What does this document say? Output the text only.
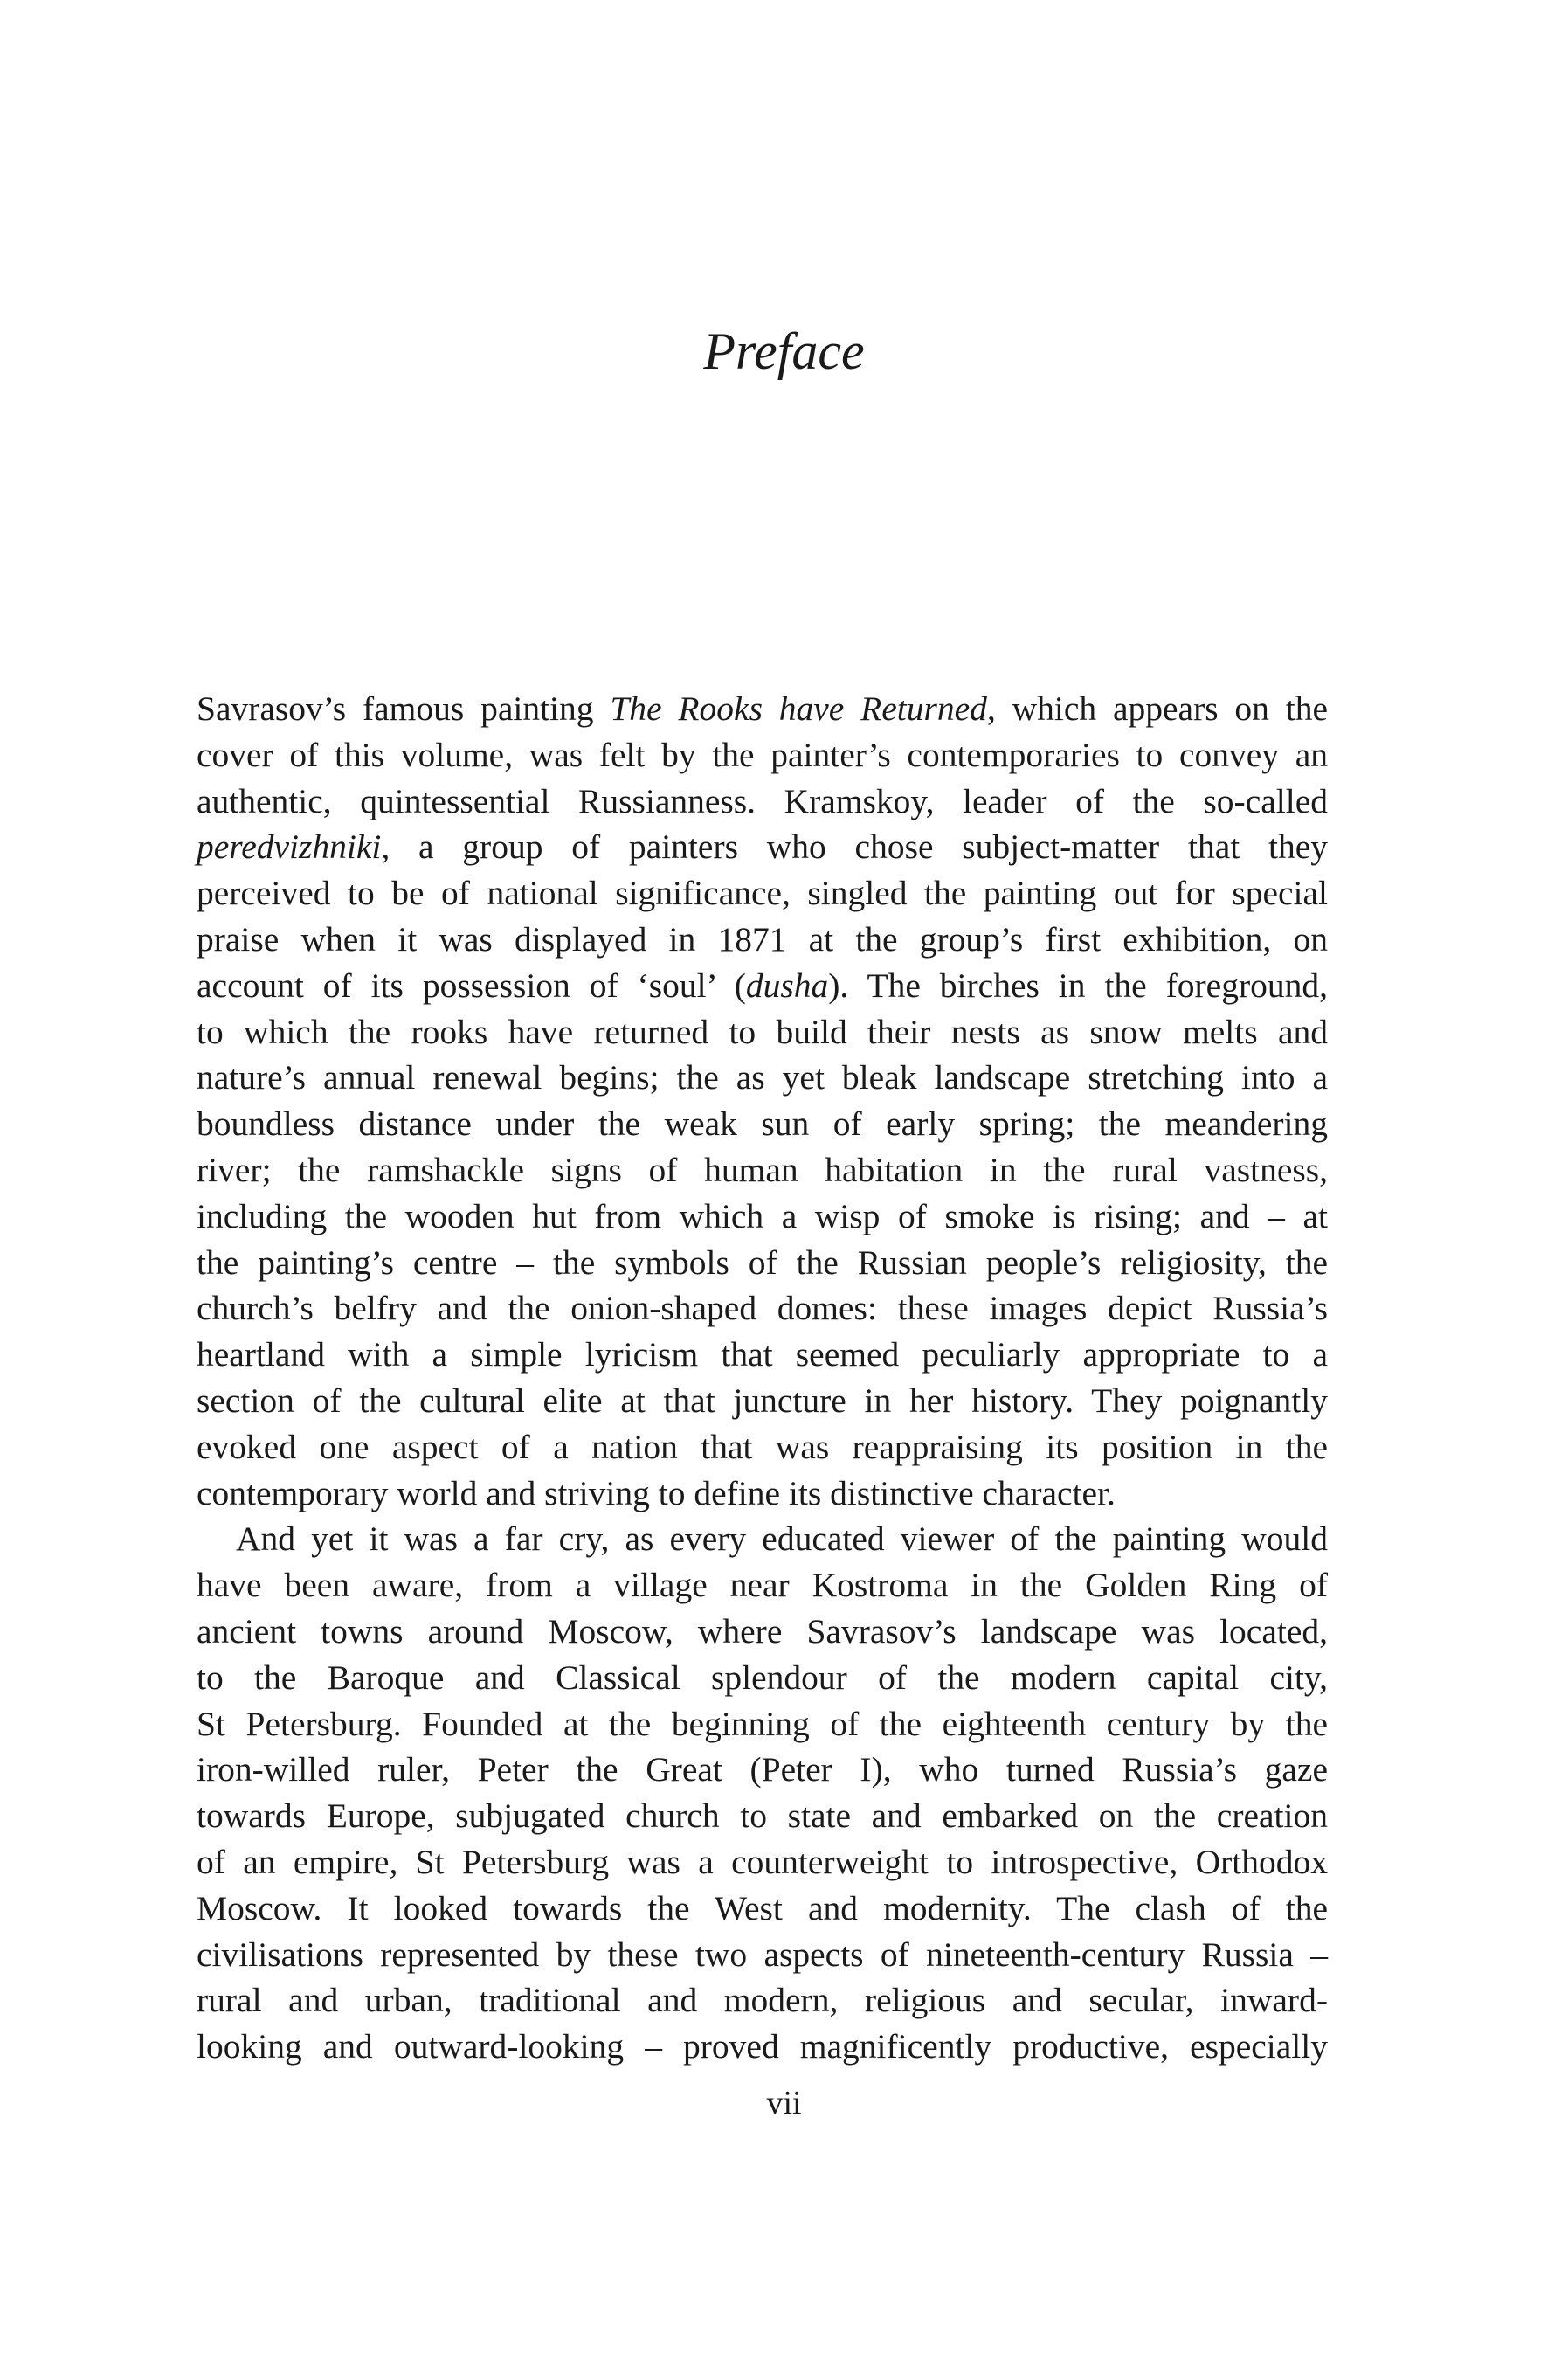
Preface
Savrasov’s famous painting The Rooks have Returned, which appears on the
cover of this volume, was felt by the painter’s contemporaries to convey an
authentic, quintessential Russianness. Kramskoy, leader of the so-called
peredvizhniki, a group of painters who chose subject-matter that they
perceived to be of national significance, singled the painting out for special
praise when it was displayed in 1871 at the group’s first exhibition, on
account of its possession of ‘soul’ (dusha). The birches in the foreground,
to which the rooks have returned to build their nests as snow melts and
nature’s annual renewal begins; the as yet bleak landscape stretching into a
boundless distance under the weak sun of early spring; the meandering
river; the ramshackle signs of human habitation in the rural vastness,
including the wooden hut from which a wisp of smoke is rising; and – at
the painting’s centre – the symbols of the Russian people’s religiosity, the
church’s belfry and the onion-shaped domes: these images depict Russia’s
heartland with a simple lyricism that seemed peculiarly appropriate to a
section of the cultural elite at that juncture in her history. They poignantly
evoked one aspect of a nation that was reappraising its position in the
contemporary world and striving to define its distinctive character.
And yet it was a far cry, as every educated viewer of the painting would
have been aware, from a village near Kostroma in the Golden Ring of
ancient towns around Moscow, where Savrasov’s landscape was located,
to the Baroque and Classical splendour of the modern capital city,
St Petersburg. Founded at the beginning of the eighteenth century by the
iron-willed ruler, Peter the Great (Peter I), who turned Russia’s gaze
towards Europe, subjugated church to state and embarked on the creation
of an empire, St Petersburg was a counterweight to introspective, Orthodox
Moscow. It looked towards the West and modernity. The clash of the
civilisations represented by these two aspects of nineteenth-century Russia –
rural and urban, traditional and modern, religious and secular, inward-
looking and outward-looking – proved magnificently productive, especially
vii
